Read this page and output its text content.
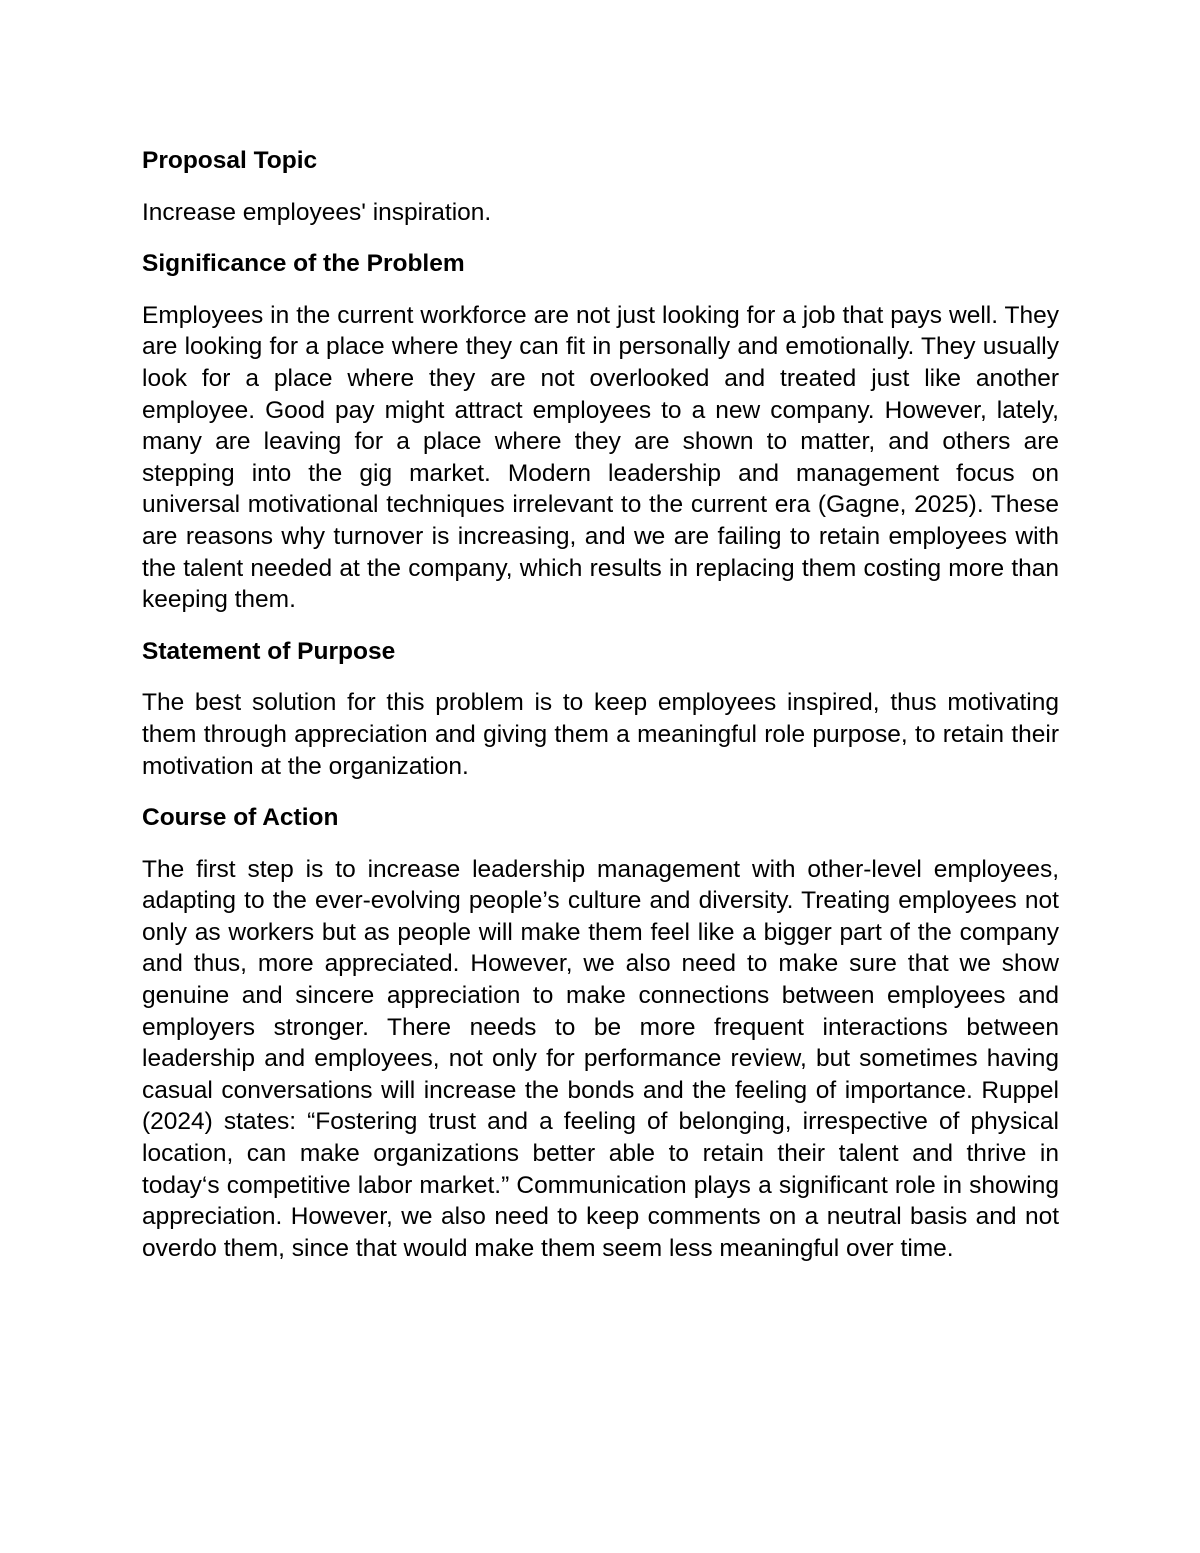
Proposal Topic
Increase employees' inspiration.
Significance of the Problem
Employees in the current workforce are not just looking for a job that pays well. They are looking for a place where they can fit in personally and emotionally. They usually look for a place where they are not overlooked and treated just like another employee. Good pay might attract employees to a new company. However, lately, many are leaving for a place where they are shown to matter, and others are stepping into the gig market. Modern leadership and management focus on universal motivational techniques irrelevant to the current era (Gagne, 2025). These are reasons why turnover is increasing, and we are failing to retain employees with the talent needed at the company, which results in replacing them costing more than keeping them.
Statement of Purpose
The best solution for this problem is to keep employees inspired, thus motivating them through appreciation and giving them a meaningful role purpose, to retain their motivation at the organization.
Course of Action
The first step is to increase leadership management with other-level employees, adapting to the ever-evolving people’s culture and diversity. Treating employees not only as workers but as people will make them feel like a bigger part of the company and thus, more appreciated. However, we also need to make sure that we show genuine and sincere appreciation to make connections between employees and employers stronger. There needs to be more frequent interactions between leadership and employees, not only for performance review, but sometimes having casual conversations will increase the bonds and the feeling of importance. Ruppel (2024) states: “Fostering trust and a feeling of belonging, irrespective of physical location, can make organizations better able to retain their talent and thrive in today‘s competitive labor market.” Communication plays a significant role in showing appreciation. However, we also need to keep comments on a neutral basis and not overdo them, since that would make them seem less meaningful over time.
